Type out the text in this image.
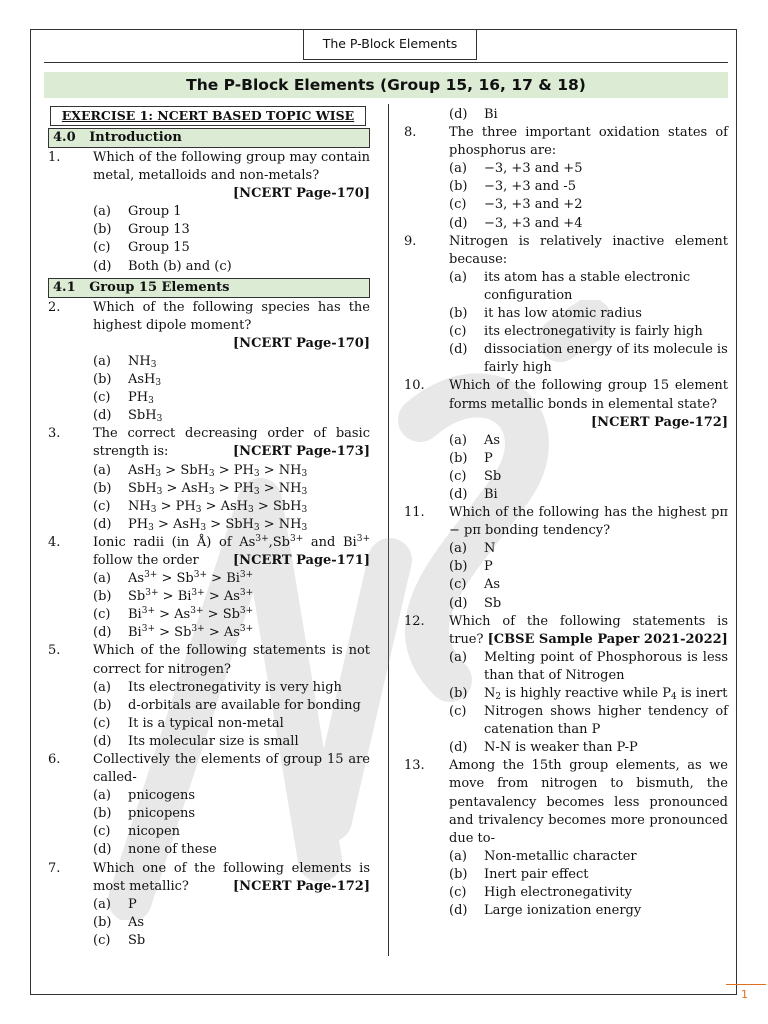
The P-Block Elements
The P-Block Elements (Group 15, 16, 17 & 18)
EXERCISE 1: NCERT BASED TOPIC WISE
4.0 Introduction
1.	Which of the following group may contain metal, metalloids and non-metals?
[NCERT Page-170]
(a)	Group 1
(b)	Group 13
(c)	Group 15
(d)	Both (b) and (c)
4.1 Group 15 Elements
2.	Which of the following species has the highest dipole moment?
[NCERT Page-170]
(a)	$NH_3$
(b)	AsH$_3$
(c)	$PH_3$
(d)	SbH$_3$
3.	The correct decreasing order of basic strength is:	[NCERT Page-173]
(a)	$AsH_3 > SbH_3 > PH_3 > NH_3$
(b)	$SbH_3 > AsH_3 > PH_3 > NH_3$
(c)	$NH_3 > PH_3 > AsH_3 > SbH_3$
(d)	$PH_3 > AsH_3 > SbH_3 > NH_3$
4.	Ionic radii (in Å) of $As^{3+},Sb^{3+}$ and $Bi^{3+}$ follow the order	[NCERT Page-171]
(a)	$As^{3+} > Sb^{3+} > Bi^{3+}$
(b)	$Sb^{3+} > Bi^{3+} > As^{3+}$
(c)	$Bi^{3+} > As^{3+} > Sb^{3+}$
(d)	$Bi^{3+} > Sb^{3+} > As^{3+}$
5.	Which of the following statements is not correct for nitrogen?
(a)	Its electronegativity is very high
(b)	d-orbitals are available for bonding
(c)	It is a typical non-metal
(d)	Its molecular size is small
6.	Collectively the elements of group 15 are called-
(a)	pnicogens
(b)	pnicopens
(c)	nicopen
(d)	none of these
7.	Which one of the following elements is most metallic?	[NCERT Page-172]
(a)	P
(b)	As
(c)	Sb
(d)	Bi
8.	The three important oxidation states of phosphorus are:
(a)	−3, +3 and +5
(b)	−3, +3 and -5
(c)	−3, +3 and +2
(d)	−3, +3 and +4
9.	Nitrogen is relatively inactive element because:
(a)	its atom has a stable electronic configuration
(b)	it has low atomic radius
(c)	its electronegativity is fairly high
(d)	dissociation energy of its molecule is fairly high
10.	Which of the following group 15 element forms metallic bonds in elemental state?
[NCERT Page-172]
(a)	As
(b)	P
(c)	Sb
(d)	Bi
11.	Which of the following has the highest pπ − pπ bonding tendency?
(a)	N
(b)	P
(c)	As
(d)	Sb
12.	Which of the following statements is true? [CBSE Sample Paper 2021-2022]
(a)	Melting point of Phosphorous is less than that of Nitrogen
(b)	$N_2$ is highly reactive while $P_4$ is inert
(c)	Nitrogen shows higher tendency of catenation than P
(d)	N-N is weaker than P-P
13.	Among the 15th group elements, as we move from nitrogen to bismuth, the pentavalency becomes less pronounced and trivalency becomes more pronounced due to-
(a)	Non-metallic character
(b)	Inert pair effect
(c)	High electronegativity
(d)	Large ionization energy
1
